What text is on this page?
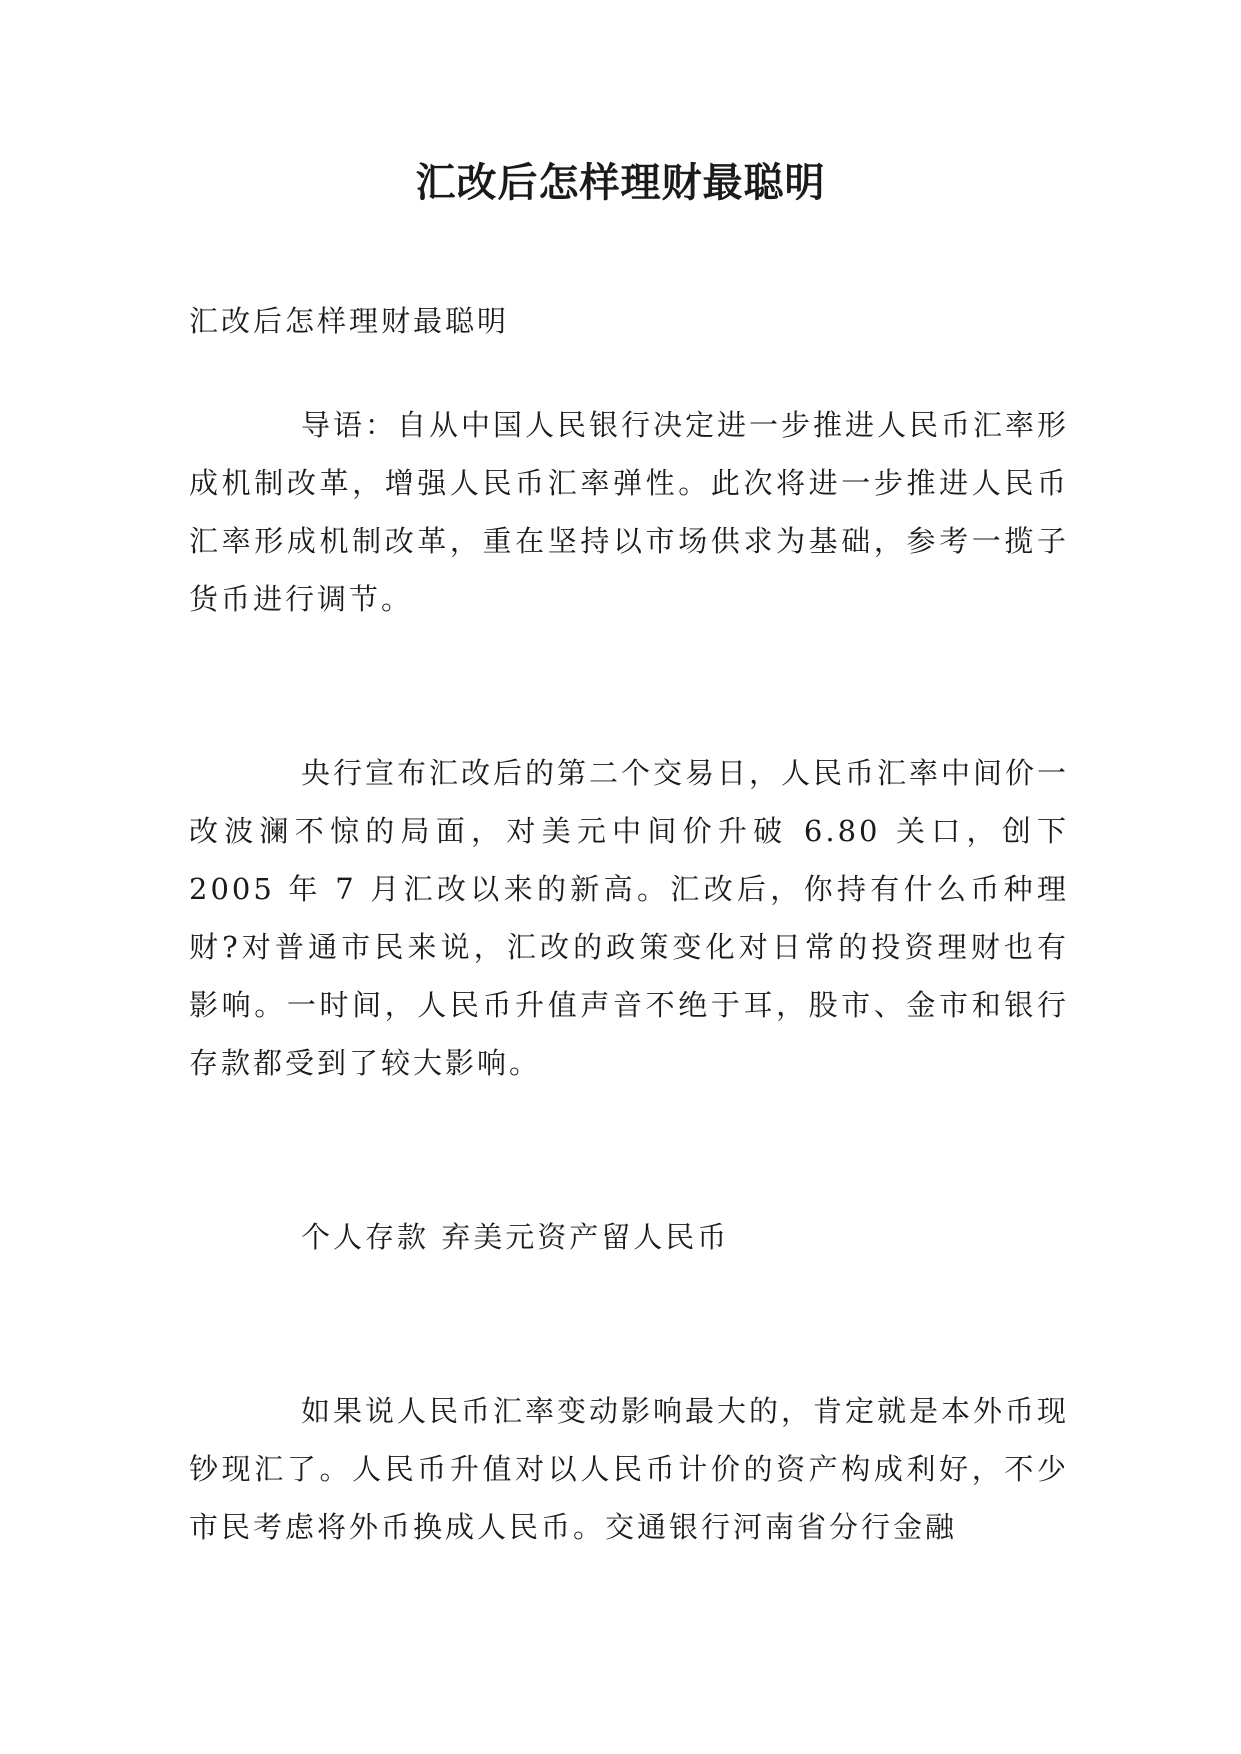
汇改后怎样理财最聪明

汇改后怎样理财最聪明

导语：自从中国人民银行决定进一步推进人民币汇率形成机制改革，增强人民币汇率弹性。此次将进一步推进人民币汇率形成机制改革，重在坚持以市场供求为基础，参考一揽子货币进行调节。

央行宣布汇改后的第二个交易日，人民币汇率中间价一改波澜不惊的局面，对美元中间价升破 6.80 关口，创下 2005 年 7 月汇改以来的新高。汇改后，你持有什么币种理财?对普通市民来说，汇改的政策变化对日常的投资理财也有影响。一时间，人民币升值声音不绝于耳，股市、金市和银行存款都受到了较大影响。

个人存款 弃美元资产留人民币

如果说人民币汇率变动影响最大的，肯定就是本外币现钞现汇了。人民币升值对以人民币计价的资产构成利好，不少市民考虑将外币换成人民币。交通银行河南省分行金融
